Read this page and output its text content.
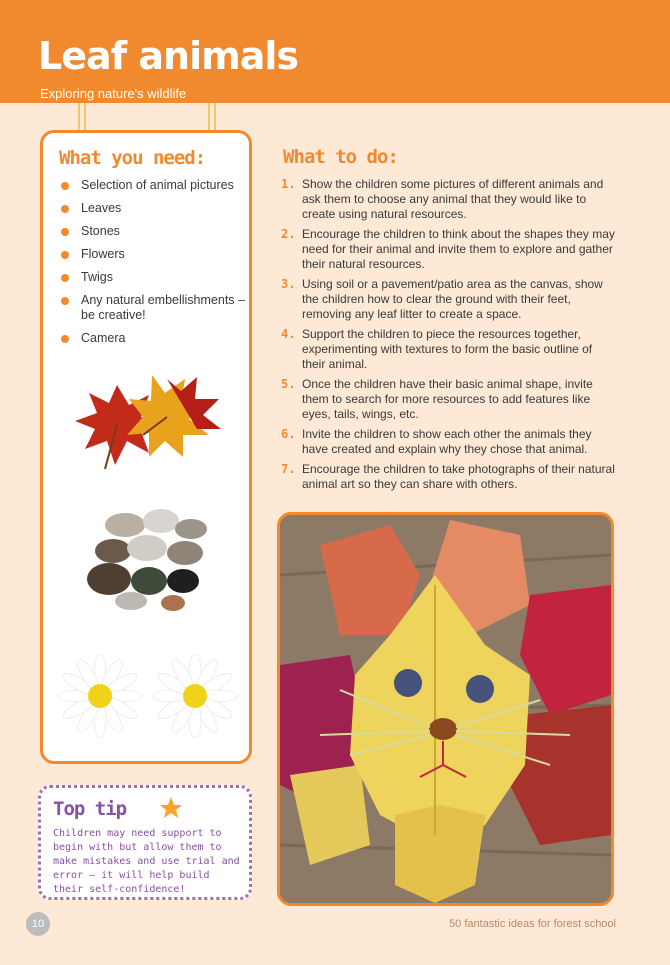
Leaf animals
Exploring nature's wildlife
What you need:
Selection of animal pictures
Leaves
Stones
Flowers
Twigs
Any natural embellishments – be creative!
Camera
What to do:
1. Show the children some pictures of different animals and ask them to choose any animal that they would like to create using natural resources.
2. Encourage the children to think about the shapes they may need for their animal and invite them to explore and gather their natural resources.
3. Using soil or a pavement/patio area as the canvas, show the children how to clear the ground with their feet, removing any leaf litter to create a space.
4. Support the children to piece the resources together, experimenting with textures to form the basic outline of their animal.
5. Once the children have their basic animal shape, invite them to search for more resources to add features like eyes, tails, wings, etc.
6. Invite the children to show each other the animals they have created and explain why they chose that animal.
7. Encourage the children to take photographs of their natural animal art so they can share with others.
Top tip
Children may need support to begin with but allow them to make mistakes and use trial and error – it will help build their self-confidence!
10	50 fantastic ideas for forest school
